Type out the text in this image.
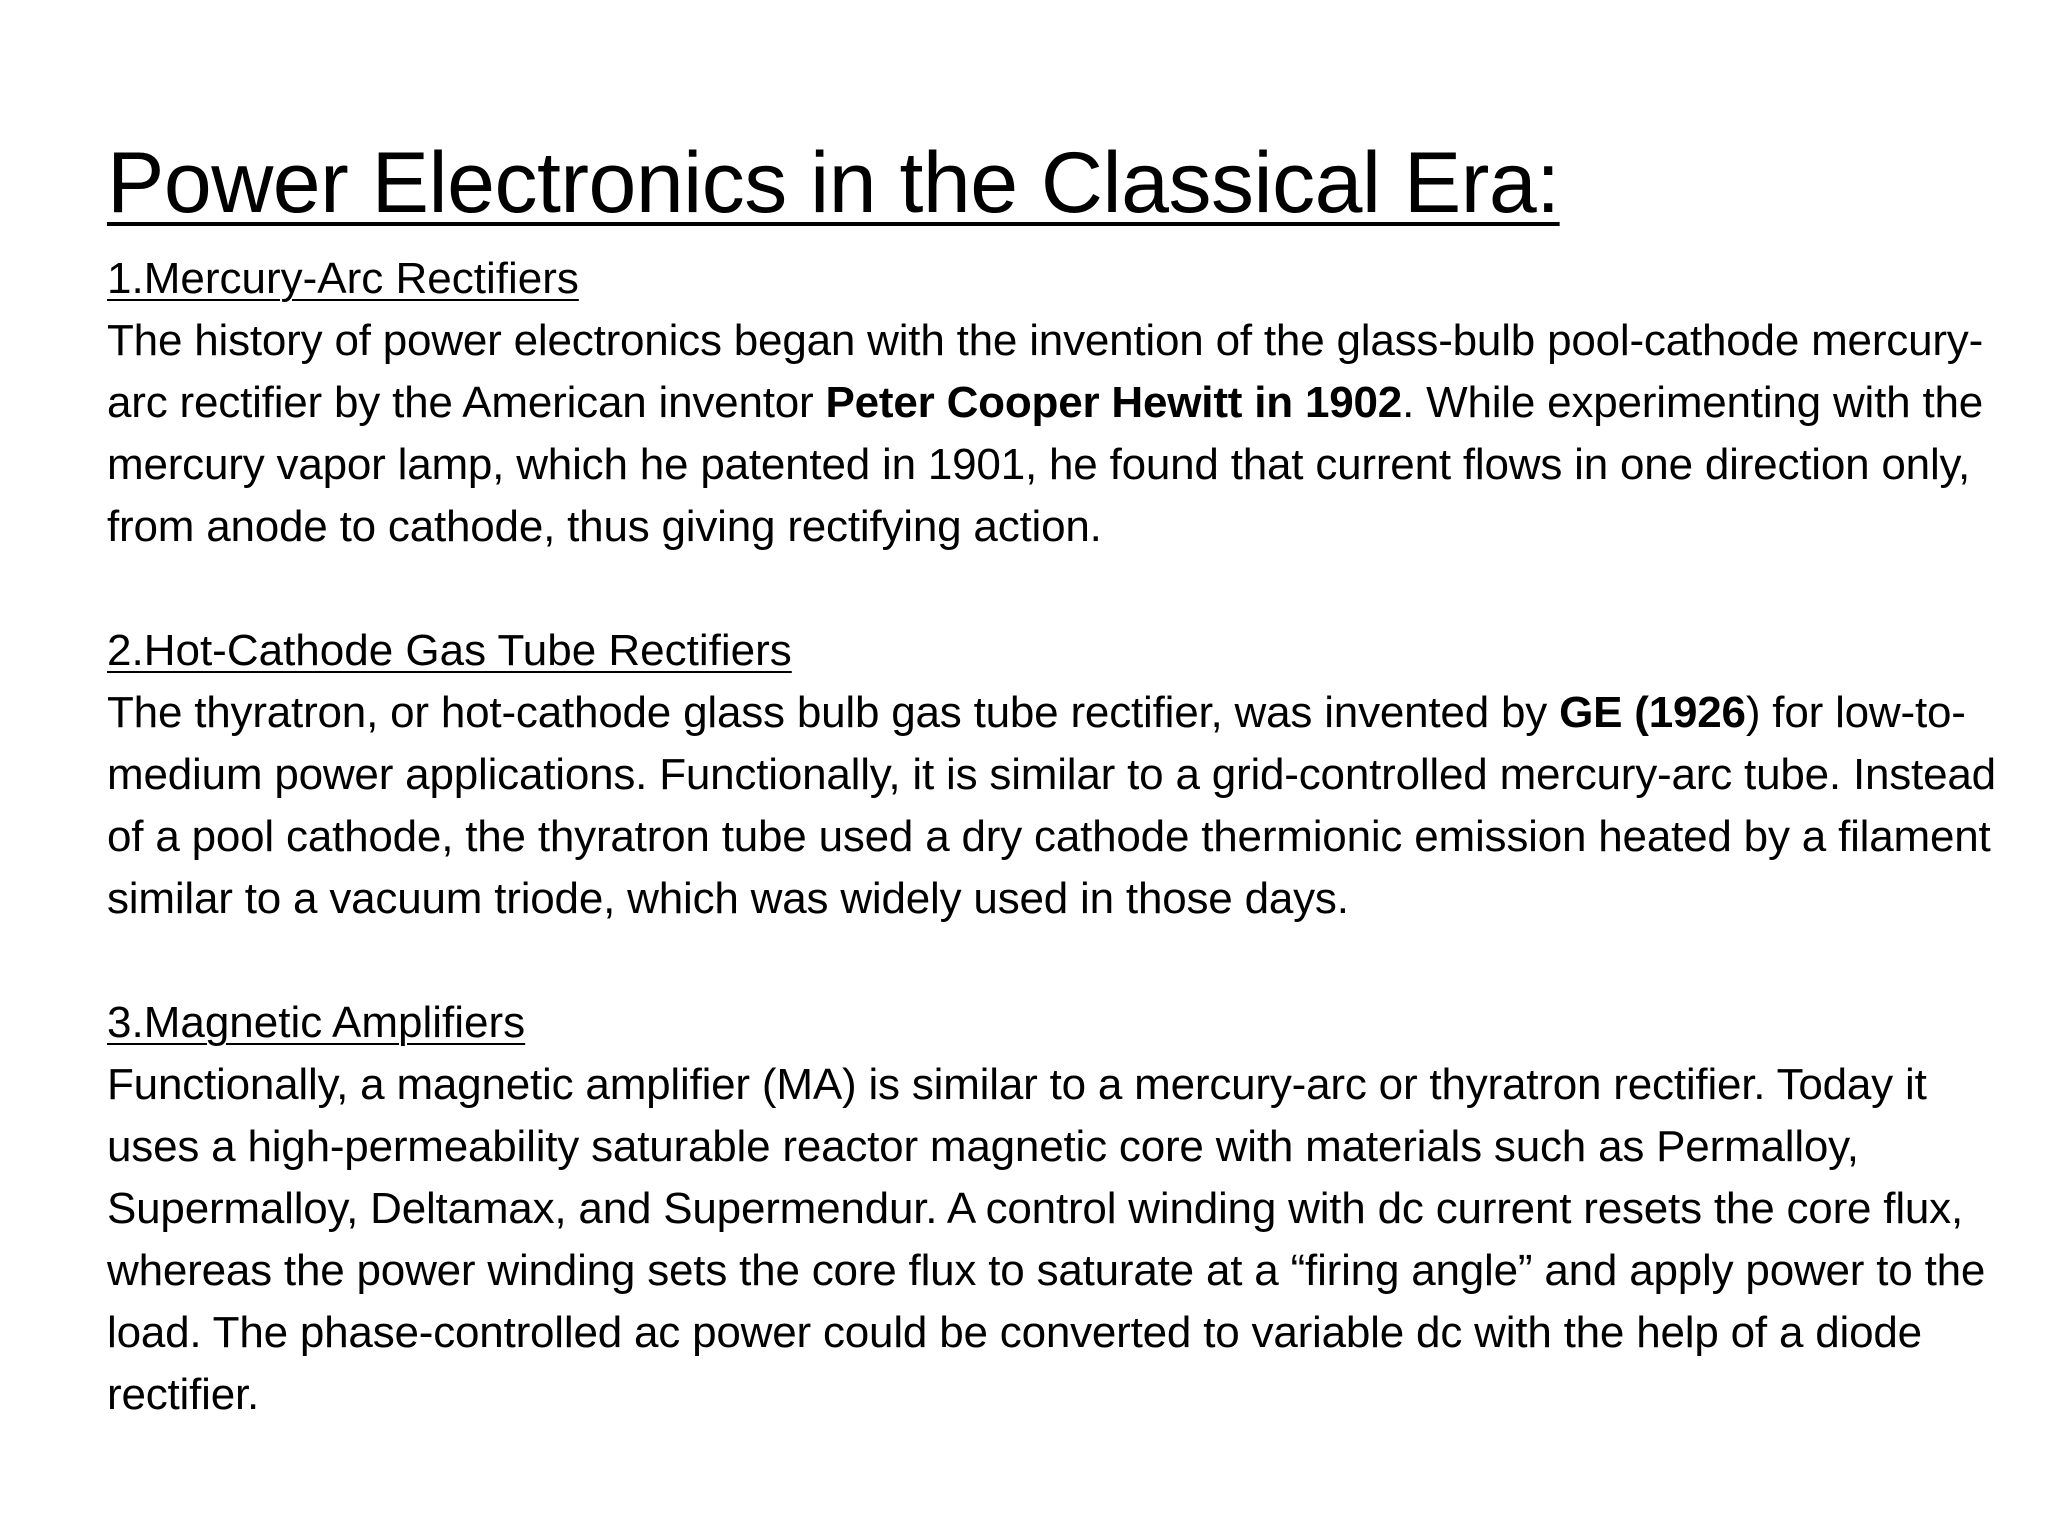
Power Electronics in the Classical Era:

1.Mercury-Arc Rectifiers

The history of power electronics began with the invention of the glass-bulb pool-cathode mercury-arc rectifier by the American inventor Peter Cooper Hewitt in 1902. While experimenting with the mercury vapor lamp, which he patented in 1901, he found that current flows in one direction only, from anode to cathode, thus giving rectifying action.

2.Hot-Cathode Gas Tube Rectifiers

The thyratron, or hot-cathode glass bulb gas tube rectifier, was invented by GE (1926) for low-to-medium power applications. Functionally, it is similar to a grid-controlled mercury-arc tube. Instead of a pool cathode, the thyratron tube used a dry cathode thermionic emission heated by a filament similar to a vacuum triode, which was widely used in those days.

3.Magnetic Amplifiers

Functionally, a magnetic amplifier (MA) is similar to a mercury-arc or thyratron rectifier. Today it uses a high-permeability saturable reactor magnetic core with materials such as Permalloy, Supermalloy, Deltamax, and Supermendur. A control winding with dc current resets the core flux, whereas the power winding sets the core flux to saturate at a “firing angle” and apply power to the load. The phase-controlled ac power could be converted to variable dc with the help of a diode rectifier.
